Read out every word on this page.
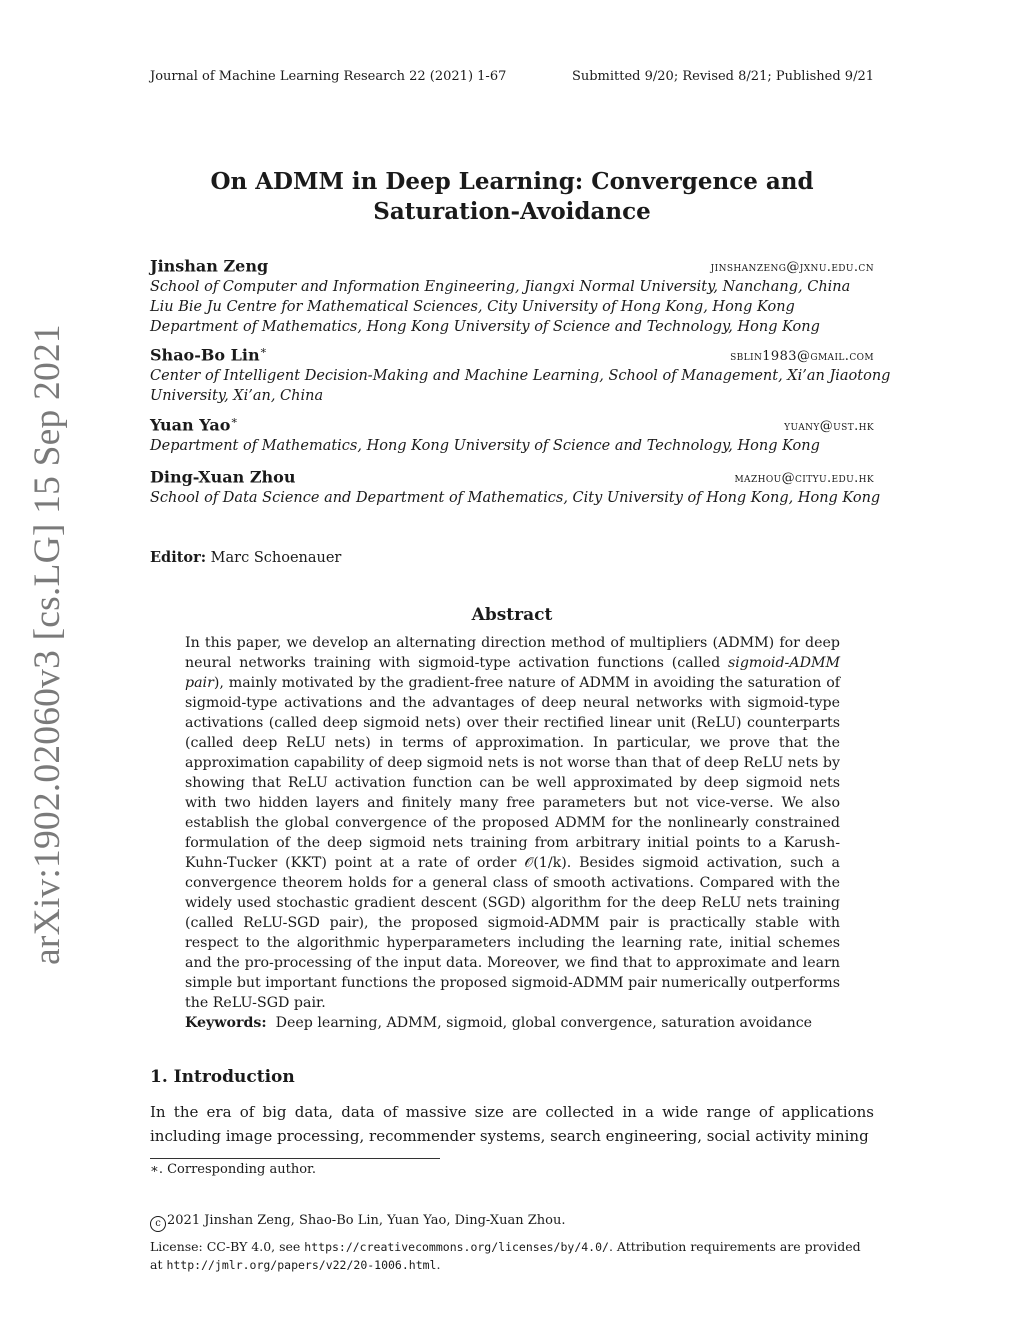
Journal of Machine Learning Research 22 (2021) 1-67	Submitted 9/20; Revised 8/21; Published 9/21
arXiv:1902.02060v3 [cs.LG] 15 Sep 2021
On ADMM in Deep Learning: Convergence and
Saturation-Avoidance
Jinshan Zeng	jinshanzeng@jxnu.edu.cn
School of Computer and Information Engineering, Jiangxi Normal University, Nanchang, China
Liu Bie Ju Centre for Mathematical Sciences, City University of Hong Kong, Hong Kong
Department of Mathematics, Hong Kong University of Science and Technology, Hong Kong
Shao-Bo Lin∗	sblin1983@gmail.com
Center of Intelligent Decision-Making and Machine Learning, School of Management, Xi’an Jiaotong
University, Xi’an, China
Yuan Yao∗	yuany@ust.hk
Department of Mathematics, Hong Kong University of Science and Technology, Hong Kong
Ding-Xuan Zhou	mazhou@cityu.edu.hk
School of Data Science and Department of Mathematics, City University of Hong Kong, Hong Kong
Editor: Marc Schoenauer
Abstract
In this paper, we develop an alternating direction method of multipliers (ADMM) for deep neural networks training with sigmoid-type activation functions (called sigmoid-ADMM pair), mainly motivated by the gradient-free nature of ADMM in avoiding the saturation of sigmoid-type activations and the advantages of deep neural networks with sigmoid-type activations (called deep sigmoid nets) over their rectified linear unit (ReLU) counterparts (called deep ReLU nets) in terms of approximation. In particular, we prove that the approximation capability of deep sigmoid nets is not worse than that of deep ReLU nets by showing that ReLU activation function can be well approximated by deep sigmoid nets with two hidden layers and finitely many free parameters but not vice-verse. We also establish the global convergence of the proposed ADMM for the nonlinearly constrained formulation of the deep sigmoid nets training from arbitrary initial points to a Karush-Kuhn-Tucker (KKT) point at a rate of order 𝒪(1/k). Besides sigmoid activation, such a convergence theorem holds for a general class of smooth activations. Compared with the widely used stochastic gradient descent (SGD) algorithm for the deep ReLU nets training (called ReLU-SGD pair), the proposed sigmoid-ADMM pair is practically stable with respect to the algorithmic hyperparameters including the learning rate, initial schemes and the pro-processing of the input data. Moreover, we find that to approximate and learn simple but important functions the proposed sigmoid-ADMM pair numerically outperforms the ReLU-SGD pair.
Keywords: Deep learning, ADMM, sigmoid, global convergence, saturation avoidance
1. Introduction
In the era of big data, data of massive size are collected in a wide range of applications including image processing, recommender systems, search engineering, social activity mining
∗. Corresponding author.
c 2021 Jinshan Zeng, Shao-Bo Lin, Yuan Yao, Ding-Xuan Zhou.
License: CC-BY 4.0, see https://creativecommons.org/licenses/by/4.0/. Attribution requirements are provided at http://jmlr.org/papers/v22/20-1006.html.
